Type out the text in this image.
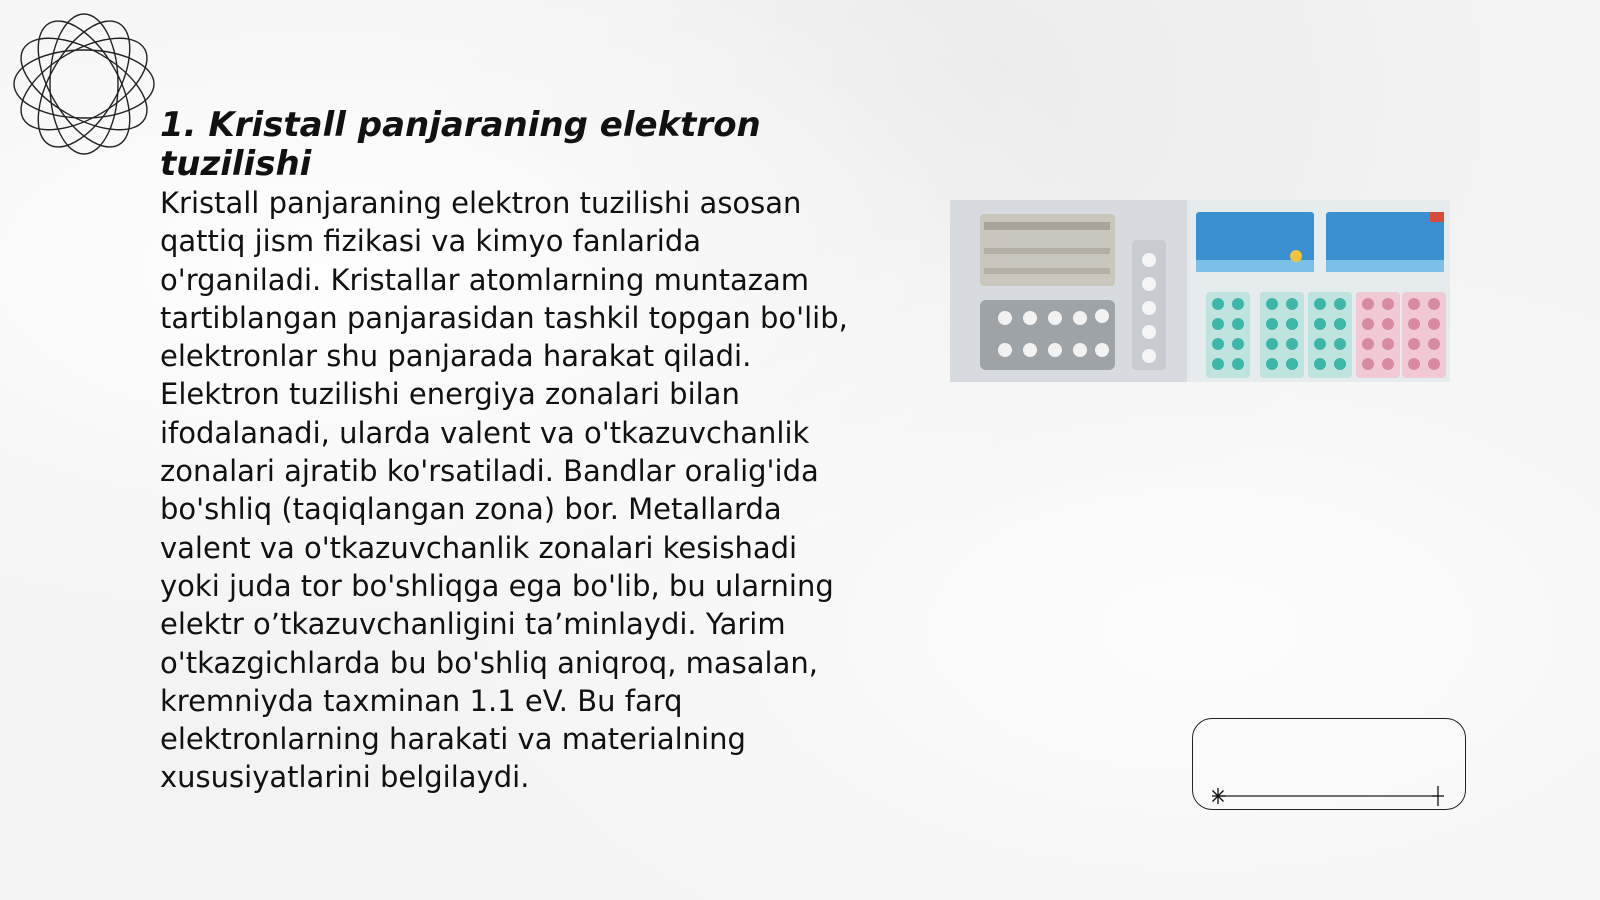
1. Kristall panjaraning elektron tuzilishi

Kristall panjaraning elektron tuzilishi asosan qattiq jism fizikasi va kimyo fanlarida o'rganiladi. Kristallar atomlarning muntazam tartiblangan panjarasidan tashkil topgan bo'lib, elektronlar shu panjarada harakat qiladi. Elektron tuzilishi energiya zonalari bilan ifodalanadi, ularda valent va o'tkazuvchanlik zonalari ajratib ko'rsatiladi. Bandlar oralig'ida bo'shliq (taqiqlangan zona) bor. Metallarda valent va o'tkazuvchanlik zonalari kesishadi yoki juda tor bo'shliqga ega bo'lib, bu ularning elektr o’tkazuvchanligini ta’minlaydi. Yarim o'tkazgichlarda bu bo'shliq aniqroq, masalan, kremniyda taxminan 1.1 eV. Bu farq elektronlarning harakati va materialning xususiyatlarini belgilaydi.
